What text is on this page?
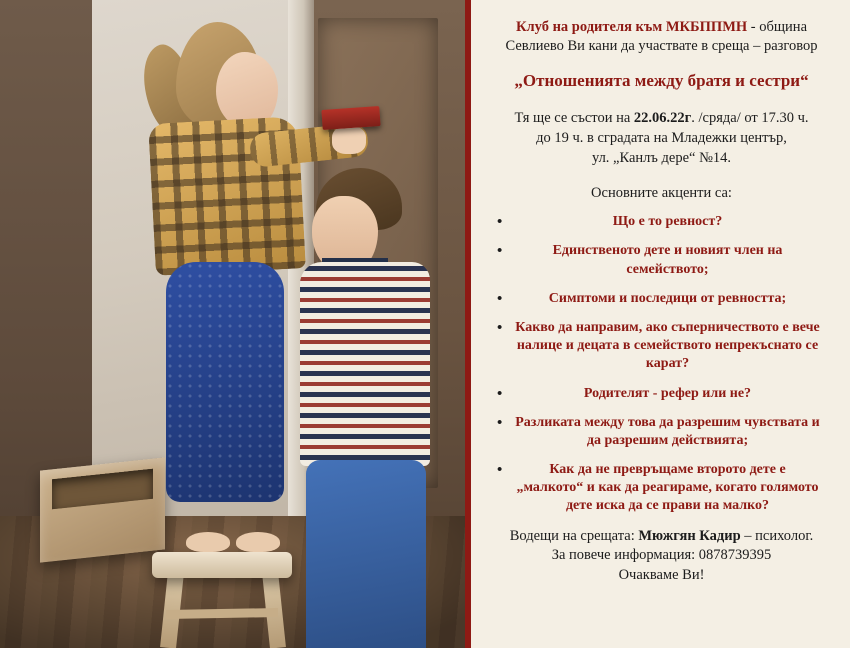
Клуб на родителя към МКБППМН - община
Севлиево Ви кани да участвате в среща – разговор
„Отношенията между братя и сестри“
Тя ще се състои на 22.06.22г. /сряда/ от 17.30 ч.
до 19 ч. в сградата на Младежки център,
ул. „Канлъ дере“ №14.
Основните акценти са:
• Що е то ревност?
• Единственото дете и новият член на семейството;
• Симптоми и последици от ревността;
• Какво да направим, ако съперничеството е вече налице и децата в семейството непрекъснато се карат?
• Родителят - рефер или не?
• Разликата между това да разрешим чувствата и да разрешим действията;
• Как да не превръщаме второто дете е „малкото“ и как да реагираме, когато голямото дете иска да се прави на малко?
Водещи на срещата: Мюжгян Кадир – психолог.
За повече информация: 0878739395
Очакваме Ви!
